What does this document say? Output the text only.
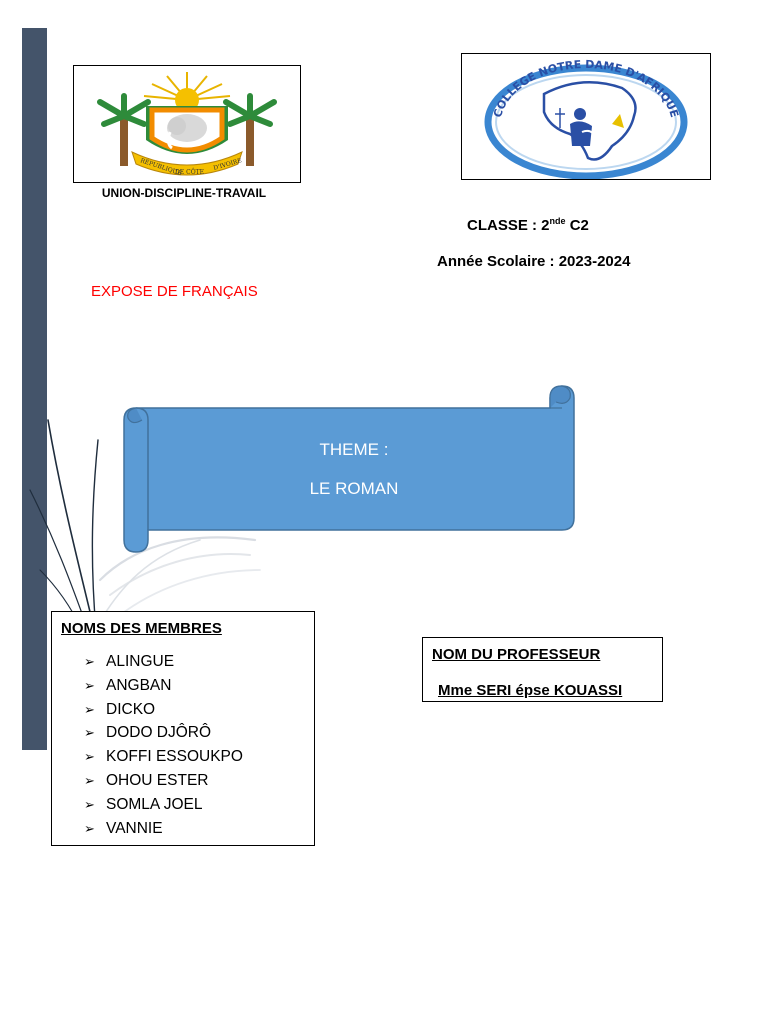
RÉPUBLIQUE
DE CÔTE
D'IVOIRE
UNION-DISCIPLINE-TRAVAIL
COLLEGE NOTRE DAME D'AFRIQUE
CLASSE : 2nde C2
Année Scolaire : 2023-2024
EXPOSE DE FRANÇAIS
THEME :
LE ROMAN
NOMS DES MEMBRES
➢ ALINGUE
➢ ANGBAN
➢ DICKO
➢ DODO DJÔRÔ
➢ KOFFI ESSOUKPO
➢ OHOU ESTER
➢ SOMLA JOEL
➢ VANNIE
NOM DU PROFESSEUR
Mme SERI épse KOUASSI
